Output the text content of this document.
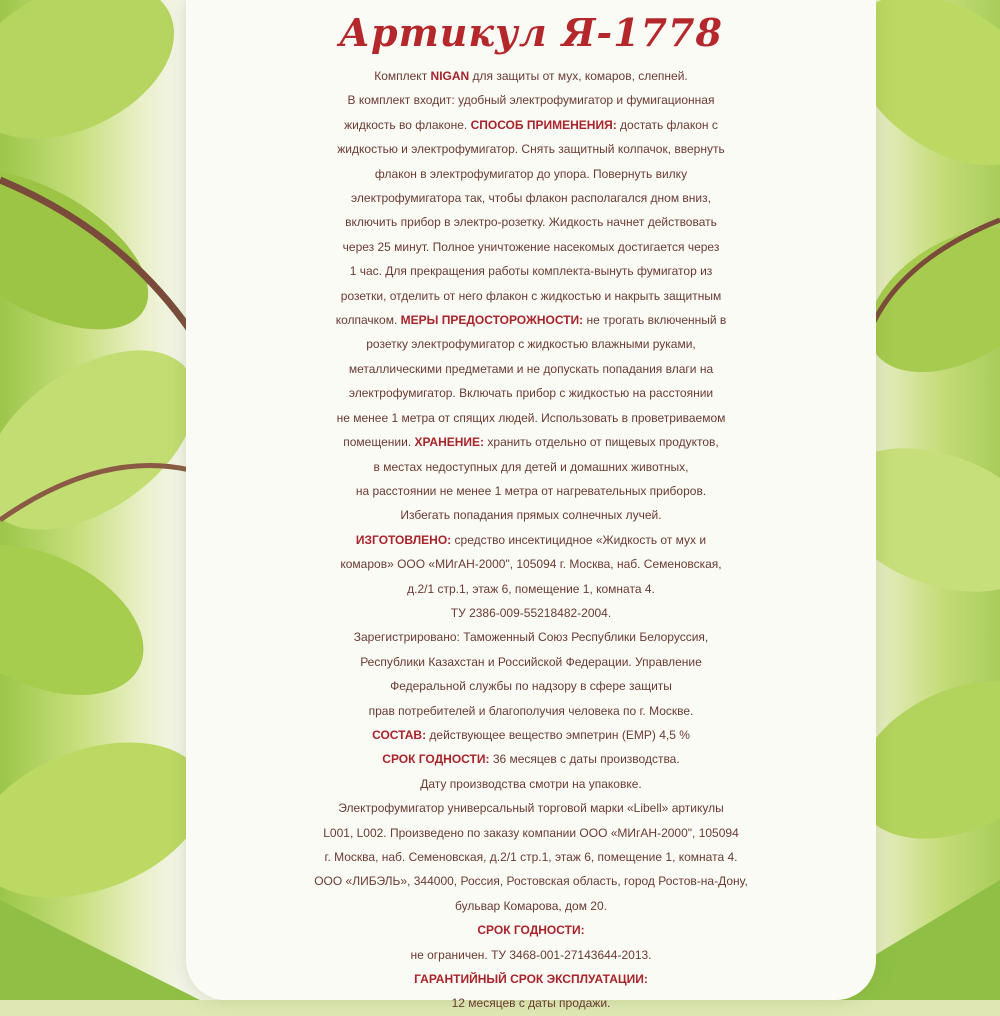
Артикул Я-1778
Комплект NIGAN для защиты от мух, комаров, слепней.
В комплект входит: удобный электрофумигатор и фумигационная
жидкость во флаконе. СПОСОБ ПРИМЕНЕНИЯ: достать флакон с
жидкостью и электрофумигатор. Снять защитный колпачок, ввернуть
флакон в электрофумигатор до упора. Повернуть вилку
электрофумигатора так, чтобы флакон располагался дном вниз,
включить прибор в электро-розетку. Жидкость начнет действовать
через 25 минут. Полное уничтожение насекомых достигается через
1 час. Для прекращения работы комплекта-вынуть фумигатор из
розетки, отделить от него флакон с жидкостью и накрыть защитным
колпачком. МЕРЫ ПРЕДОСТОРОЖНОСТИ: не трогать включенный в
розетку электрофумигатор с жидкостью влажными руками,
металлическими предметами и не допускать попадания влаги на
электрофумигатор. Включать прибор с жидкостью на расстоянии
не менее 1 метра от спящих людей. Использовать в проветриваемом
помещении. ХРАНЕНИЕ: хранить отдельно от пищевых продуктов,
в местах недоступных для детей и домашних животных,
на расстоянии не менее 1 метра от нагревательных приборов.
Избегать попадания прямых солнечных лучей.
ИЗГОТОВЛЕНО: средство инсектицидное «Жидкость от мух и
комаров» ООО «МИгАН-2000", 105094 г. Москва, наб. Семеновская,
д.2/1 стр.1, этаж 6, помещение 1, комната 4.
ТУ 2386-009-55218482-2004.
Зарегистрировано: Таможенный Союз Республики Белоруссия,
Республики Казахстан и Российской Федерации. Управление
Федеральной службы по надзору в сфере защиты
прав потребителей и благополучия человека по г. Москве.
СОСТАВ: действующее вещество эмпетрин (EMP) 4,5 %
СРОК ГОДНОСТИ: 36 месяцев с даты производства.
Дату производства смотри на упаковке.
Электрофумигатор универсальный торговой марки «Libell» артикулы
L001, L002. Произведено по заказу компании ООО «МИгАН-2000", 105094
г. Москва, наб. Семеновская, д.2/1 стр.1, этаж 6, помещение 1, комната 4.
ООО «ЛИБЭЛЬ», 344000, Россия, Ростовская область, город Ростов-на-Дону,
бульвар Комарова, дом 20.
СРОК ГОДНОСТИ:
не ограничен. ТУ 3468-001-27143644-2013.
ГАРАНТИЙНЫЙ СРОК ЭКСПЛУАТАЦИИ:
12 месяцев с даты продажи.
